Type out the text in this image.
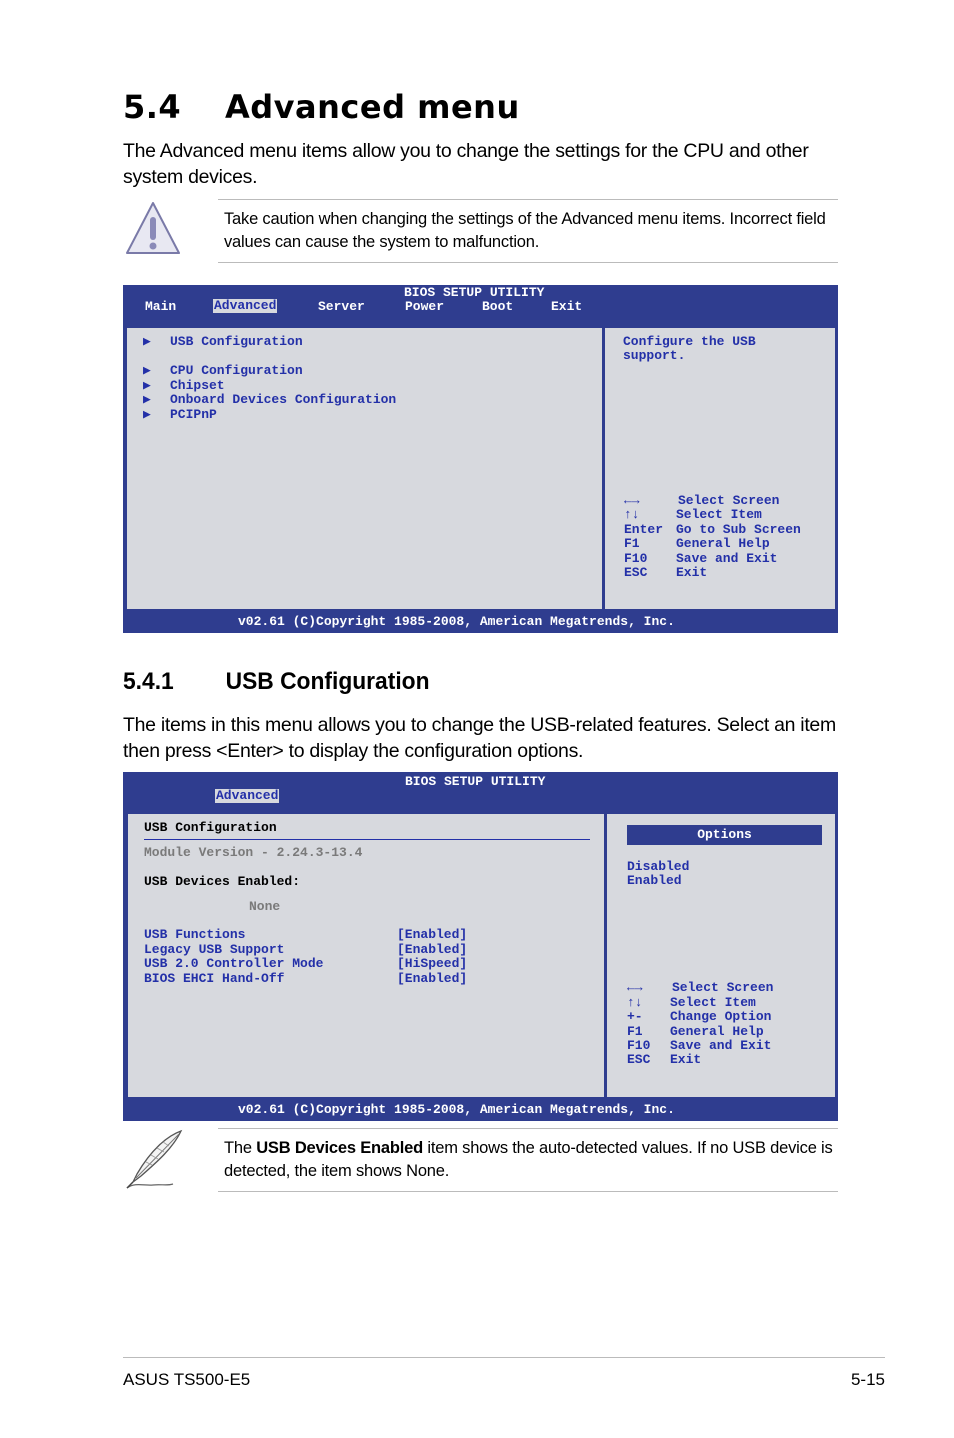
5.4 Advanced menu
The Advanced menu items allow you to change the settings for the CPU and other system devices.
Take caution when changing the settings of the Advanced menu items. Incorrect field values can cause the system to malfunction.
BIOS SETUP UTILITY
Main	Advanced	Server	Power	Boot	Exit
▶ USB Configuration
▶ CPU Configuration
▶ Chipset
▶ Onboard Devices Configuration
▶ PCIPnP
Configure the USB
support.
←→	Select Screen
↑↓	Select Item
Enter Go to Sub Screen
F1	General Help
F10 Save and Exit
ESC Exit
v02.61 (C)Copyright 1985-2008, American Megatrends, Inc.
5.4.1 USB Configuration
The items in this menu allows you to change the USB-related features. Select an item then press <Enter> to display the configuration options.
BIOS SETUP UTILITY
Advanced
USB Configuration
Module Version - 2.24.3-13.4
USB Devices Enabled:
None
USB Functions	[Enabled]
Legacy USB Support	[Enabled]
USB 2.0 Controller Mode	[HiSpeed]
BIOS EHCI Hand-Off	[Enabled]
Options
Disabled
Enabled
←→ Select Screen
↑↓ Select Item
+- Change Option
F1 General Help
F10 Save and Exit
ESC Exit
v02.61 (C)Copyright 1985-2008, American Megatrends, Inc.
The USB Devices Enabled item shows the auto-detected values. If no USB device is detected, the item shows None.
ASUS TS500-E5	5-15
